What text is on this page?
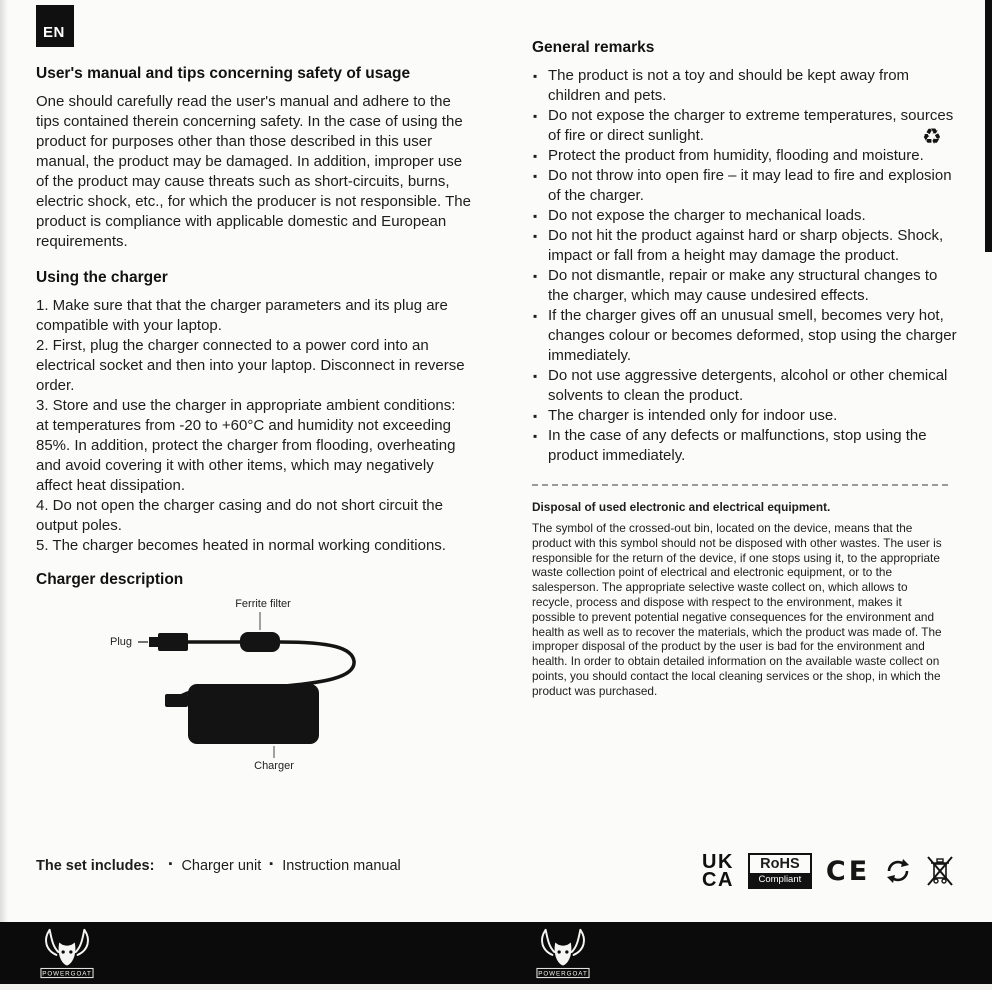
EN
User's manual and tips concerning safety of usage

One should carefully read the user's manual and adhere to the tips contained therein concerning safety. In the case of using the product for purposes other than those described in this user manual, the product may be damaged. In addition, improper use of the product may cause threats such as short-circuits, burns, electric shock, etc., for which the producer is not responsible. The product is compliance with applicable domestic and European requirements.

Using the charger

1. Make sure that that the charger parameters and its plug are compatible with your laptop.

2. First, plug the charger connected to a power cord into an electrical socket and then into your laptop. Disconnect in reverse order.

3. Store and use the charger in appropriate ambient conditions: at temperatures from -20 to +60°C and humidity not exceeding 85%. In addition, protect the charger from flooding, overheating and avoid covering it with other items, which may negatively affect heat dissipation.

4. Do not open the charger casing and do not short circuit the output poles.

5. The charger becomes heated in normal working conditions.

Charger description
Ferrite filter
Plug
Charger
The set includes:	▪ Charger unit	▪ Instruction manual
General remarks
▪ The product is not a toy and should be kept away from children and pets.
▪ Do not expose the charger to extreme temperatures, sources of fire or direct sunlight.
▪ Protect the product from humidity, flooding and moisture.
▪ Do not throw into open fire – it may lead to fire and explosion of the charger.
▪ Do not expose the charger to mechanical loads.
▪ Do not hit the product against hard or sharp objects. Shock, impact or fall from a height may damage the product.
▪ Do not dismantle, repair or make any structural changes to the charger, which may cause undesired effects.
▪ If the charger gives off an unusual smell, becomes very hot, changes colour or becomes deformed, stop using the charger immediately.
▪ Do not use aggressive detergents, alcohol or other chemical solvents to clean the product.
▪ The charger is intended only for indoor use.
▪ In the case of any defects or malfunctions, stop using the product immediately.
Disposal of used electronic and electrical equipment.

The symbol of the crossed-out bin, located on the device, means that the product with this symbol should not be disposed with other wastes. The user is responsible for the return of the device, if one stops using it, to the appropriate waste collection point of electrical and electronic equipment, or to the salesperson. The appropriate selective waste collect on, which allows to recycle, process and dispose with respect to the environment, makes it possible to prevent potential negative consequences for the environment and health as well as to recover the materials, which the product was made of. The improper disposal of the product by the user is bad for the environment and health. In order to obtain detailed information on the available waste collect on points, you should contact the local cleaning services or the shop, in which the product was purchased.

♻
UK
CA
RoHS
Compliant CE
POWERGOAT	POWERGOAT
